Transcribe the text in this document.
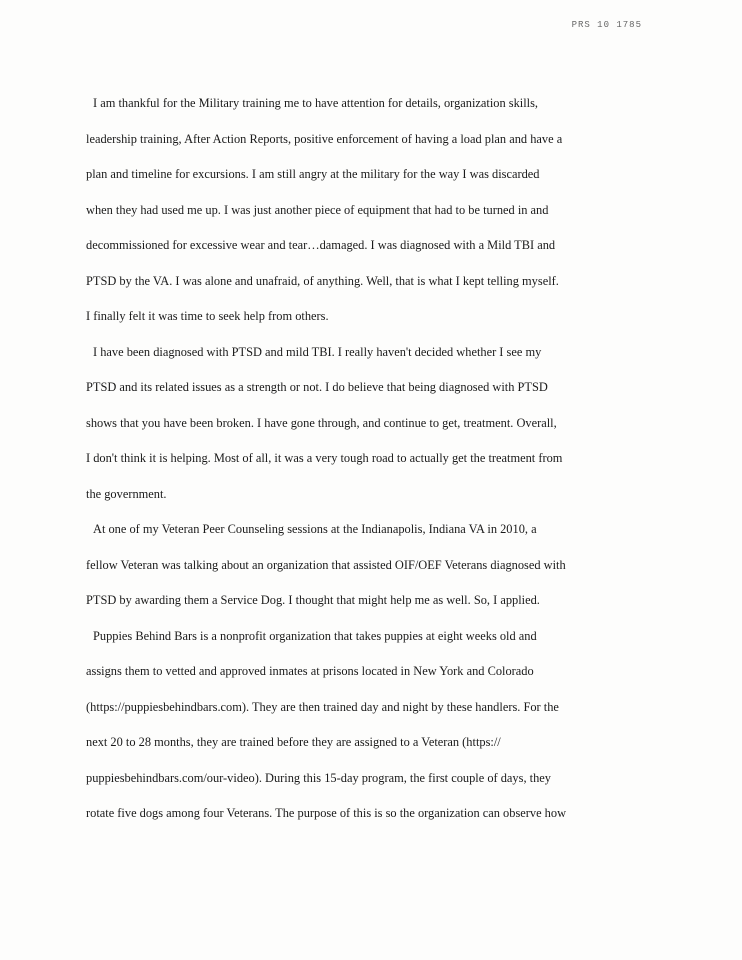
PRS 10 1785
I am thankful for the Military training me to have attention for details, organization skills,
leadership training, After Action Reports, positive enforcement of having a load plan and have a
plan and timeline for excursions. I am still angry at the military for the way I was discarded
when they had used me up. I was just another piece of equipment that had to be turned in and
decommissioned for excessive wear and tear…damaged. I was diagnosed with a Mild TBI and
PTSD by the VA. I was alone and unafraid, of anything. Well, that is what I kept telling myself.
I finally felt it was time to seek help from others.
I have been diagnosed with PTSD and mild TBI. I really haven't decided whether I see my
PTSD and its related issues as a strength or not. I do believe that being diagnosed with PTSD
shows that you have been broken. I have gone through, and continue to get, treatment. Overall,
I don't think it is helping. Most of all, it was a very tough road to actually get the treatment from
the government.
At one of my Veteran Peer Counseling sessions at the Indianapolis, Indiana VA in 2010, a
fellow Veteran was talking about an organization that assisted OIF/OEF Veterans diagnosed with
PTSD by awarding them a Service Dog. I thought that might help me as well. So, I applied.
Puppies Behind Bars is a nonprofit organization that takes puppies at eight weeks old and
assigns them to vetted and approved inmates at prisons located in New York and Colorado
(https://puppiesbehindbars.com). They are then trained day and night by these handlers. For the
next 20 to 28 months, they are trained before they are assigned to a Veteran (https://
puppiesbehindbars.com/our-video). During this 15-day program, the first couple of days, they
rotate five dogs among four Veterans. The purpose of this is so the organization can observe how
